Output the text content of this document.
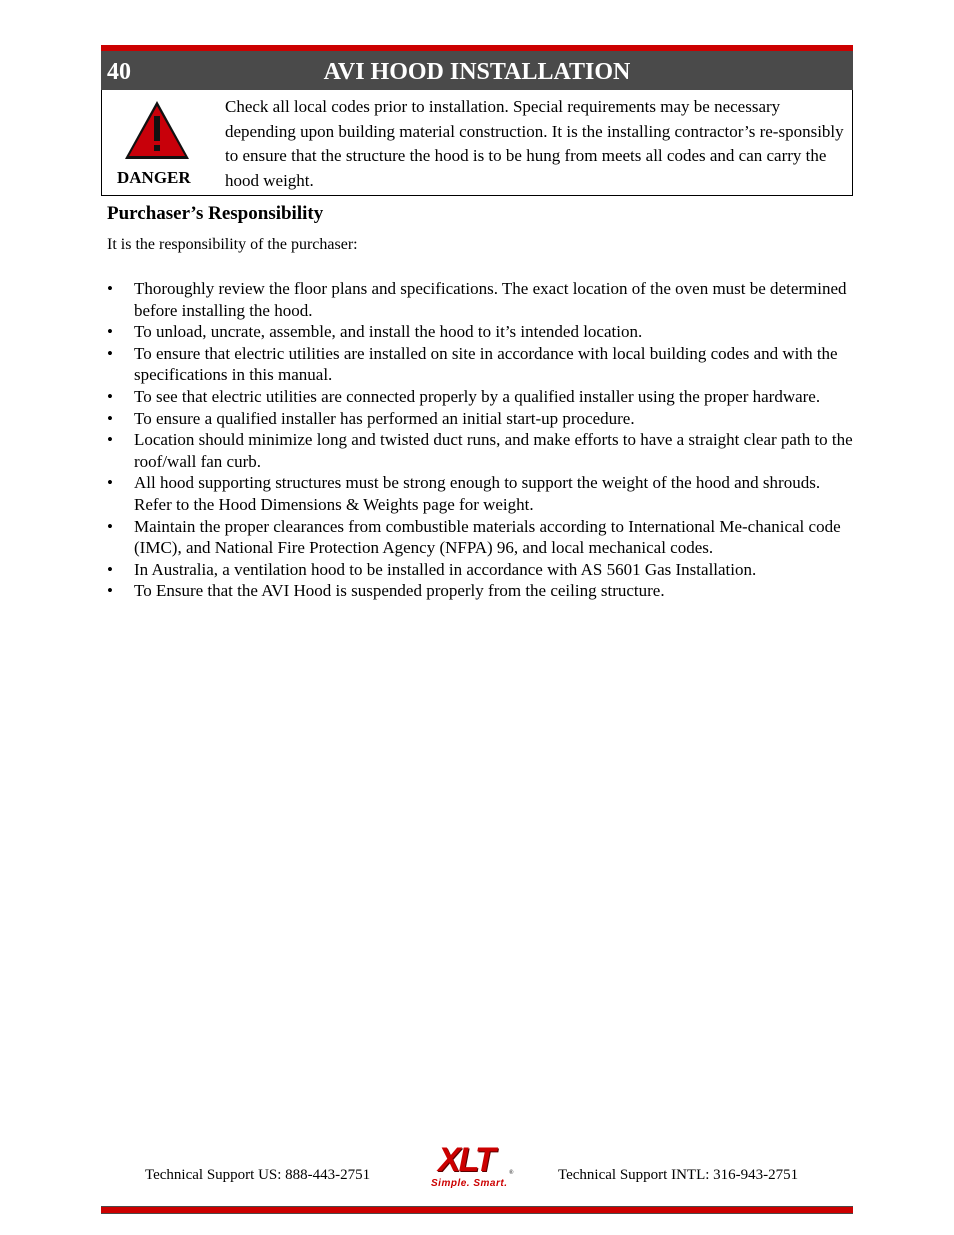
40	AVI HOOD INSTALLATION
DANGER
Check all local codes prior to installation. Special requirements may be necessary depending upon building material construction. It is the installing contractor’s re-sponsibly to ensure that the structure the hood is to be hung from meets all codes and can carry the hood weight.
Purchaser’s Responsibility

It is the responsibility of the purchaser:

• Thoroughly review the floor plans and specifications. The exact location of the oven must be determined before installing the hood.
• To unload, uncrate, assemble, and install the hood to it’s intended location.
• To ensure that electric utilities are installed on site in accordance with local building codes and with the specifications in this manual.
• To see that electric utilities are connected properly by a qualified installer using the proper hardware.
• To ensure a qualified installer has performed an initial start-up procedure.
• Location should minimize long and twisted duct runs, and make efforts to have a straight clear path to the roof/wall fan curb.
• All hood supporting structures must be strong enough to support the weight of the hood and shrouds. Refer to the Hood Dimensions & Weights page for weight.
• Maintain the proper clearances from combustible materials according to International Me-chanical code (IMC), and National Fire Protection Agency (NFPA) 96, and local mechanical codes.
• In Australia, a ventilation hood to be installed in accordance with AS 5601 Gas Installation.
• To Ensure that the AVI Hood is suspended properly from the ceiling structure.
Technical Support US: 888-443-2751 XLT	®
Simple. Smart.
Technical Support INTL: 316-943-2751
